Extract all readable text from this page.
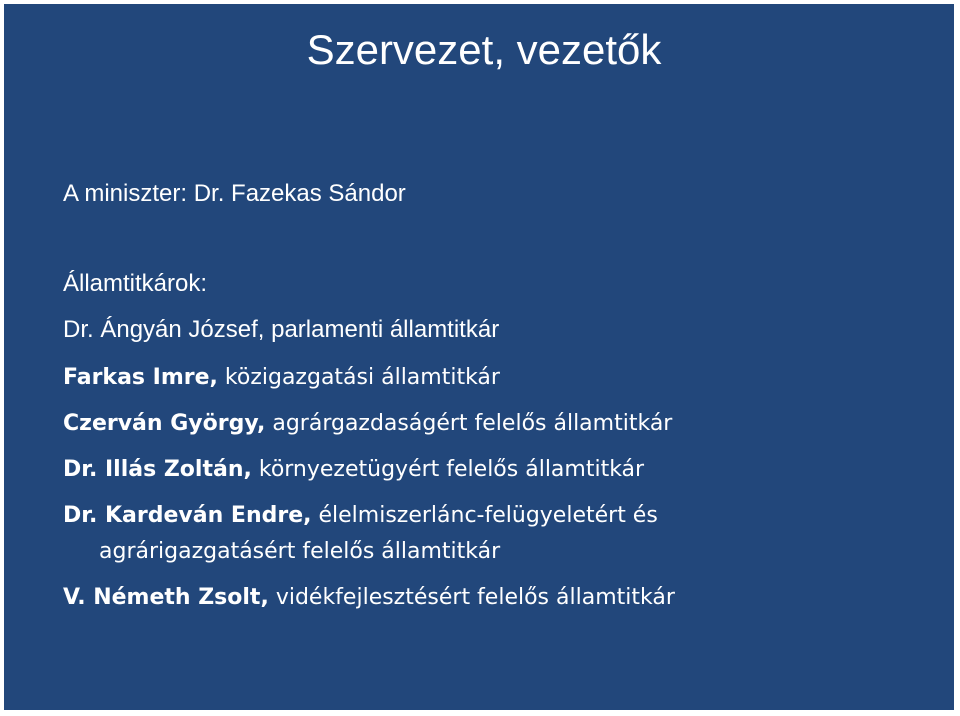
Szervezet, vezetők
A miniszter: Dr. Fazekas Sándor
Államtitkárok:
Dr. Ángyán József, parlamenti államtitkár
Farkas Imre, közigazgatási államtitkár
Czerván György, agrárgazdaságért felelős államtitkár
Dr. Illás Zoltán, környezetügyért felelős államtitkár
Dr. Kardeván Endre, élelmiszerlánc-felügyeletért és
agrárigazgatásért felelős államtitkár
V. Németh Zsolt, vidékfejlesztésért felelős államtitkár
